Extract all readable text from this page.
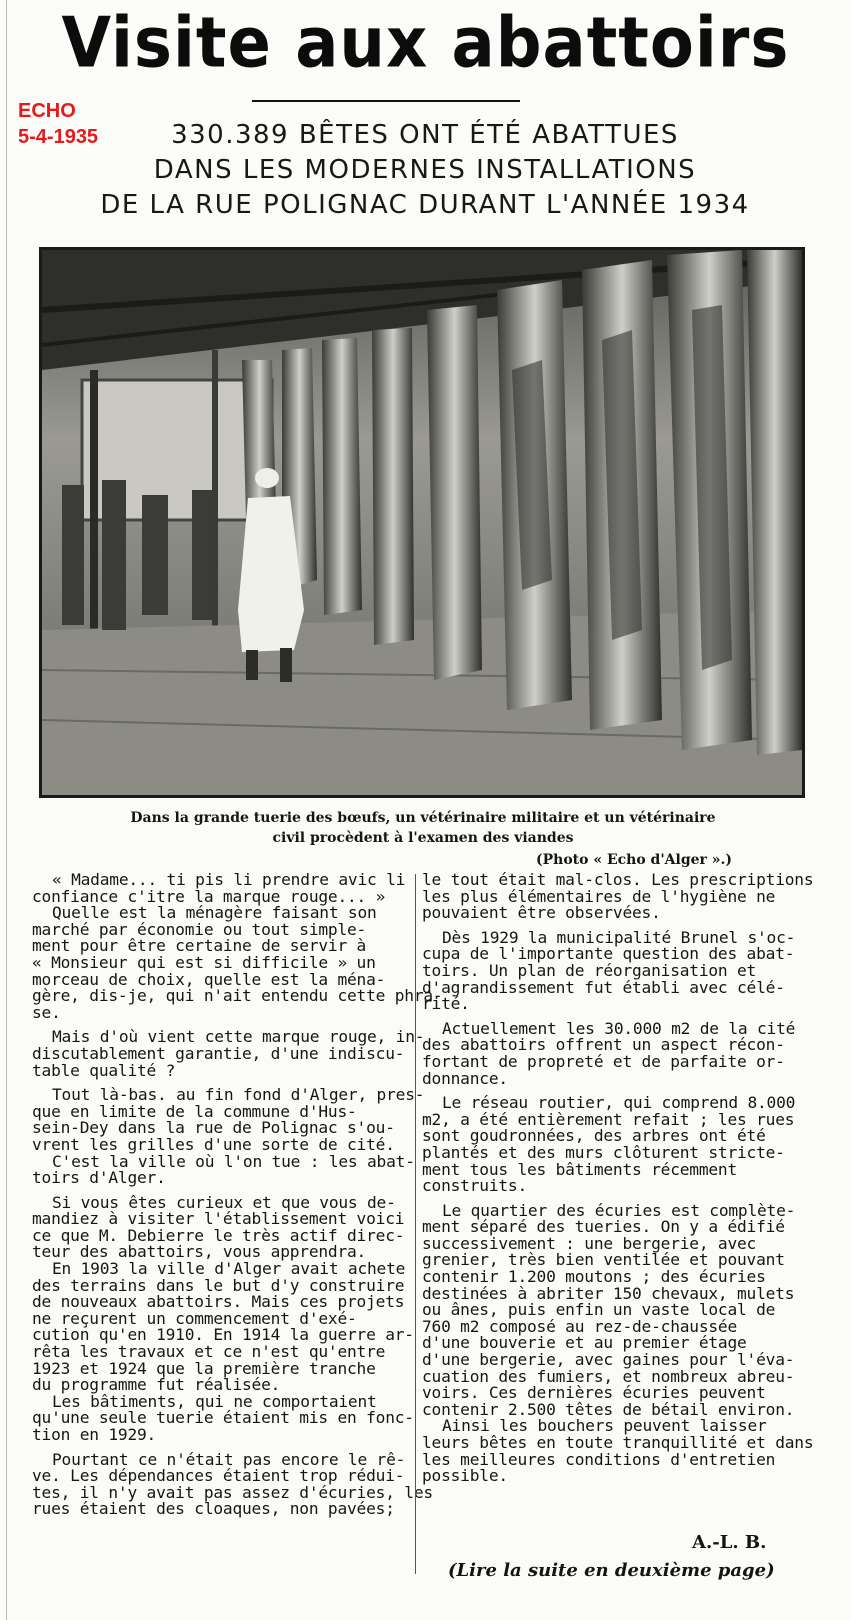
Visite aux abattoirs
ECHO
5-4-1935	330.389 BÊTES ONT ÉTÉ ABATTUES
DANS LES MODERNES INSTALLATIONS
DE LA RUE POLIGNAC DURANT L'ANNÉE 1934
Dans la grande tuerie des bœufs, un vétérinaire militaire et un vétérinaire
civil procèdent à l'examen des viandes
(Photo « Echo d'Alger ».)
« Madame... ti pis li prendre avic li
confiance c'itre la marque rouge... »
Quelle est la ménagère faisant son
marché par économie ou tout simple-
ment pour être certaine de servir à
« Monsieur qui est si difficile » un
morceau de choix, quelle est la ména-
gère, dis-je, qui n'ait entendu cette phra-
se.
Mais d'où vient cette marque rouge, in-
discutablement garantie, d'une indiscu-
table qualité ?
Tout là-bas. au fin fond d'Alger, pres-
que en limite de la commune d'Hus-
sein-Dey dans la rue de Polignac s'ou-
vrent les grilles d'une sorte de cité.
C'est la ville où l'on tue : les abat-
toirs d'Alger.
Si vous êtes curieux et que vous de-
mandiez à visiter l'établissement voici
ce que M. Debierre le très actif direc-
teur des abattoirs, vous apprendra.
En 1903 la ville d'Alger avait achete
des terrains dans le but d'y construire
de nouveaux abattoirs. Mais ces projets
ne reçurent un commencement d'exé-
cution qu'en 1910. En 1914 la guerre ar-
rêta les travaux et ce n'est qu'entre
1923 et 1924 que la première tranche
du programme fut réalisée.
Les bâtiments, qui ne comportaient
qu'une seule tuerie étaient mis en fonc-
tion en 1929.
Pourtant ce n'était pas encore le rê-
ve. Les dépendances étaient trop rédui-
tes, il n'y avait pas assez d'écuries, les
rues étaient des cloaques, non pavées;
le tout était mal-clos. Les prescriptions
les plus élémentaires de l'hygiène ne
pouvaient être observées.
Dès 1929 la municipalité Brunel s'oc-
cupa de l'importante question des abat-
toirs. Un plan de réorganisation et
d'agrandissement fut établi avec célé-
rité.
Actuellement les 30.000 m2 de la cité
des abattoirs offrent un aspect récon-
fortant de propreté et de parfaite or-
donnance.
Le réseau routier, qui comprend 8.000
m2, a été entièrement refait ; les rues
sont goudronnées, des arbres ont été
plantés et des murs clôturent stricte-
ment tous les bâtiments récemment
construits.
Le quartier des écuries est complète-
ment séparé des tueries. On y a édifié
successivement : une bergerie, avec
grenier, très bien ventilée et pouvant
contenir 1.200 moutons ; des écuries
destinées à abriter 150 chevaux, mulets
ou ânes, puis enfin un vaste local de
760 m2 composé au rez-de-chaussée
d'une bouverie et au premier étage
d'une bergerie, avec gaines pour l'éva-
cuation des fumiers, et nombreux abreu-
voirs. Ces dernières écuries peuvent
contenir 2.500 têtes de bétail environ.
Ainsi les bouchers peuvent laisser
leurs bêtes en toute tranquillité et dans
les meilleures conditions d'entretien
possible.
A.-L. B.
(Lire la suite en deuxième page)
